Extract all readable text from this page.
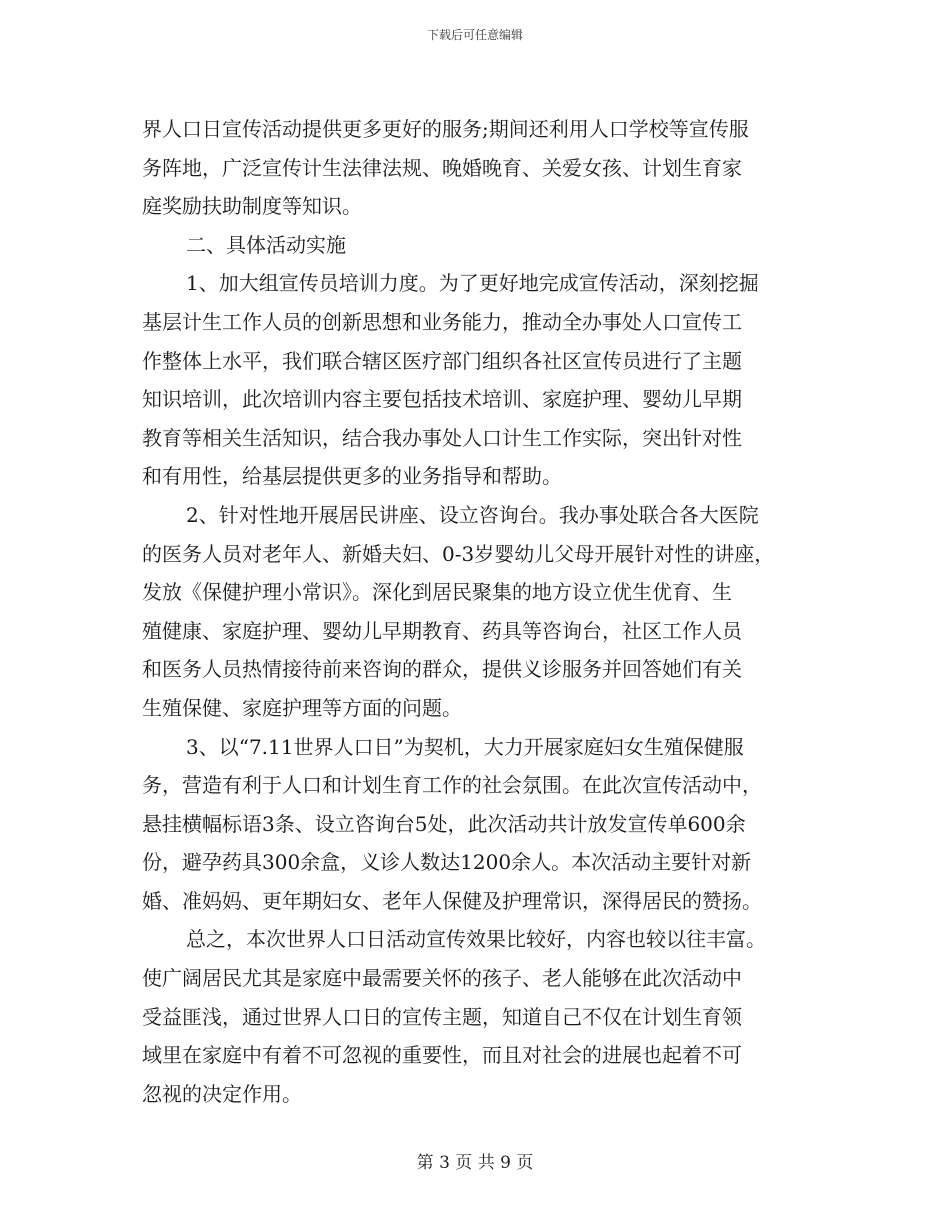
下载后可任意编辑
界人口日宣传活动提供更多更好的服务;期间还利用人口学校等宣传服
务阵地，广泛宣传计生法律法规、晚婚晚育、关爱女孩、计划生育家
庭奖励扶助制度等知识。
二、具体活动实施
1、加大组宣传员培训力度。为了更好地完成宣传活动，深刻挖掘
基层计生工作人员的创新思想和业务能力，推动全办事处人口宣传工
作整体上水平，我们联合辖区医疗部门组织各社区宣传员进行了主题
知识培训，此次培训内容主要包括技术培训、家庭护理、婴幼儿早期
教育等相关生活知识，结合我办事处人口计生工作实际，突出针对性
和有用性，给基层提供更多的业务指导和帮助。
2、针对性地开展居民讲座、设立咨询台。我办事处联合各大医院
的医务人员对老年人、新婚夫妇、0-3岁婴幼儿父母开展针对性的讲座，
发放《保健护理小常识》。深化到居民聚集的地方设立优生优育、生
殖健康、家庭护理、婴幼儿早期教育、药具等咨询台，社区工作人员
和医务人员热情接待前来咨询的群众，提供义诊服务并回答她们有关
生殖保健、家庭护理等方面的问题。
3、以“7.11世界人口日”为契机，大力开展家庭妇女生殖保健服
务，营造有利于人口和计划生育工作的社会氛围。在此次宣传活动中，
悬挂横幅标语3条、设立咨询台5处，此次活动共计放发宣传单600余
份，避孕药具300余盒，义诊人数达1200余人。本次活动主要针对新
婚、准妈妈、更年期妇女、老年人保健及护理常识，深得居民的赞扬。
总之，本次世界人口日活动宣传效果比较好，内容也较以往丰富。
使广阔居民尤其是家庭中最需要关怀的孩子、老人能够在此次活动中
受益匪浅，通过世界人口日的宣传主题，知道自己不仅在计划生育领
域里在家庭中有着不可忽视的重要性，而且对社会的进展也起着不可
忽视的决定作用。
第 3 页 共 9 页
